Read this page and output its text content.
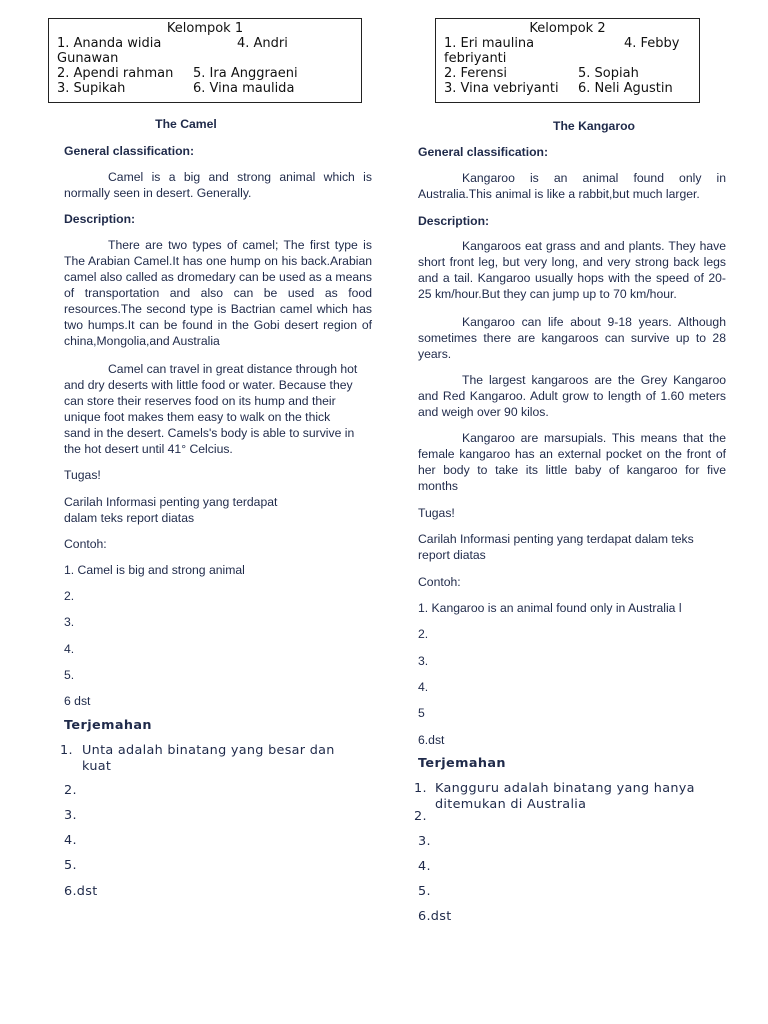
Kelompok 1
1. Ananda widia	4. Andri
Gunawan
2. Apendi rahman	5. Ira Anggraeni
3. Supikah	6. Vina maulida
Kelompok 2
1. Eri maulina	4. Febby
febriyanti
2. Ferensi	5. Sopiah
3. Vina vebriyanti	6. Neli Agustin
The Camel
General classification:

Camel is a big and strong animal which is normally seen in desert. Generally.

Description:

There are two types of camel; The first type is The Arabian Camel.It has one hump on his back.Arabian camel also called as dromedary can be used as a means of transportation and also can be used as food resources.The second type is Bactrian camel which has two humps.It can be found in the Gobi desert region of china,Mongolia,and Australia

Camel can travel in great distance through hot and dry deserts with little food or water. Because they can store their reserves food on its hump and their unique foot makes them easy to walk on the thick sand in the desert. Camels's body is able to survive in the hot desert until 41° Celcius.

Tugas!

Carilah Informasi penting yang terdapat dalam teks report diatas

Contoh:
1. Camel is big and strong animal
2.
3.
4.
5.
6 dst
Terjemahan
1. Unta adalah binatang yang besar dan kuat
2.
3.
4.
5.
6.dst
The Kangaroo
General classification:

Kangaroo is an animal found only in Australia.This animal is like a rabbit,but much larger.

Description:

Kangaroos eat grass and and plants. They have short front leg, but very long, and very strong back legs and a tail. Kangaroo usually hops with the speed of 20-25 km/hour.But they can jump up to 70 km/hour.

Kangaroo can life about 9-18 years. Although sometimes there are kangaroos can survive up to 28 years.

The largest kangaroos are the Grey Kangaroo and Red Kangaroo. Adult grow to length of 1.60 meters and weigh over 90 kilos.

Kangaroo are marsupials. This means that the female kangaroo has an external pocket on the front of her body to take its little baby of kangaroo for five months

Tugas!

Carilah Informasi penting yang terdapat dalam teks report diatas

Contoh:
1. Kangaroo is an animal found only in Australia l
2.
3.
4.
5
6.dst
Terjemahan
1. Kangguru adalah binatang yang hanya ditemukan di Australia
2.
3.
4.
5.
6.dst
